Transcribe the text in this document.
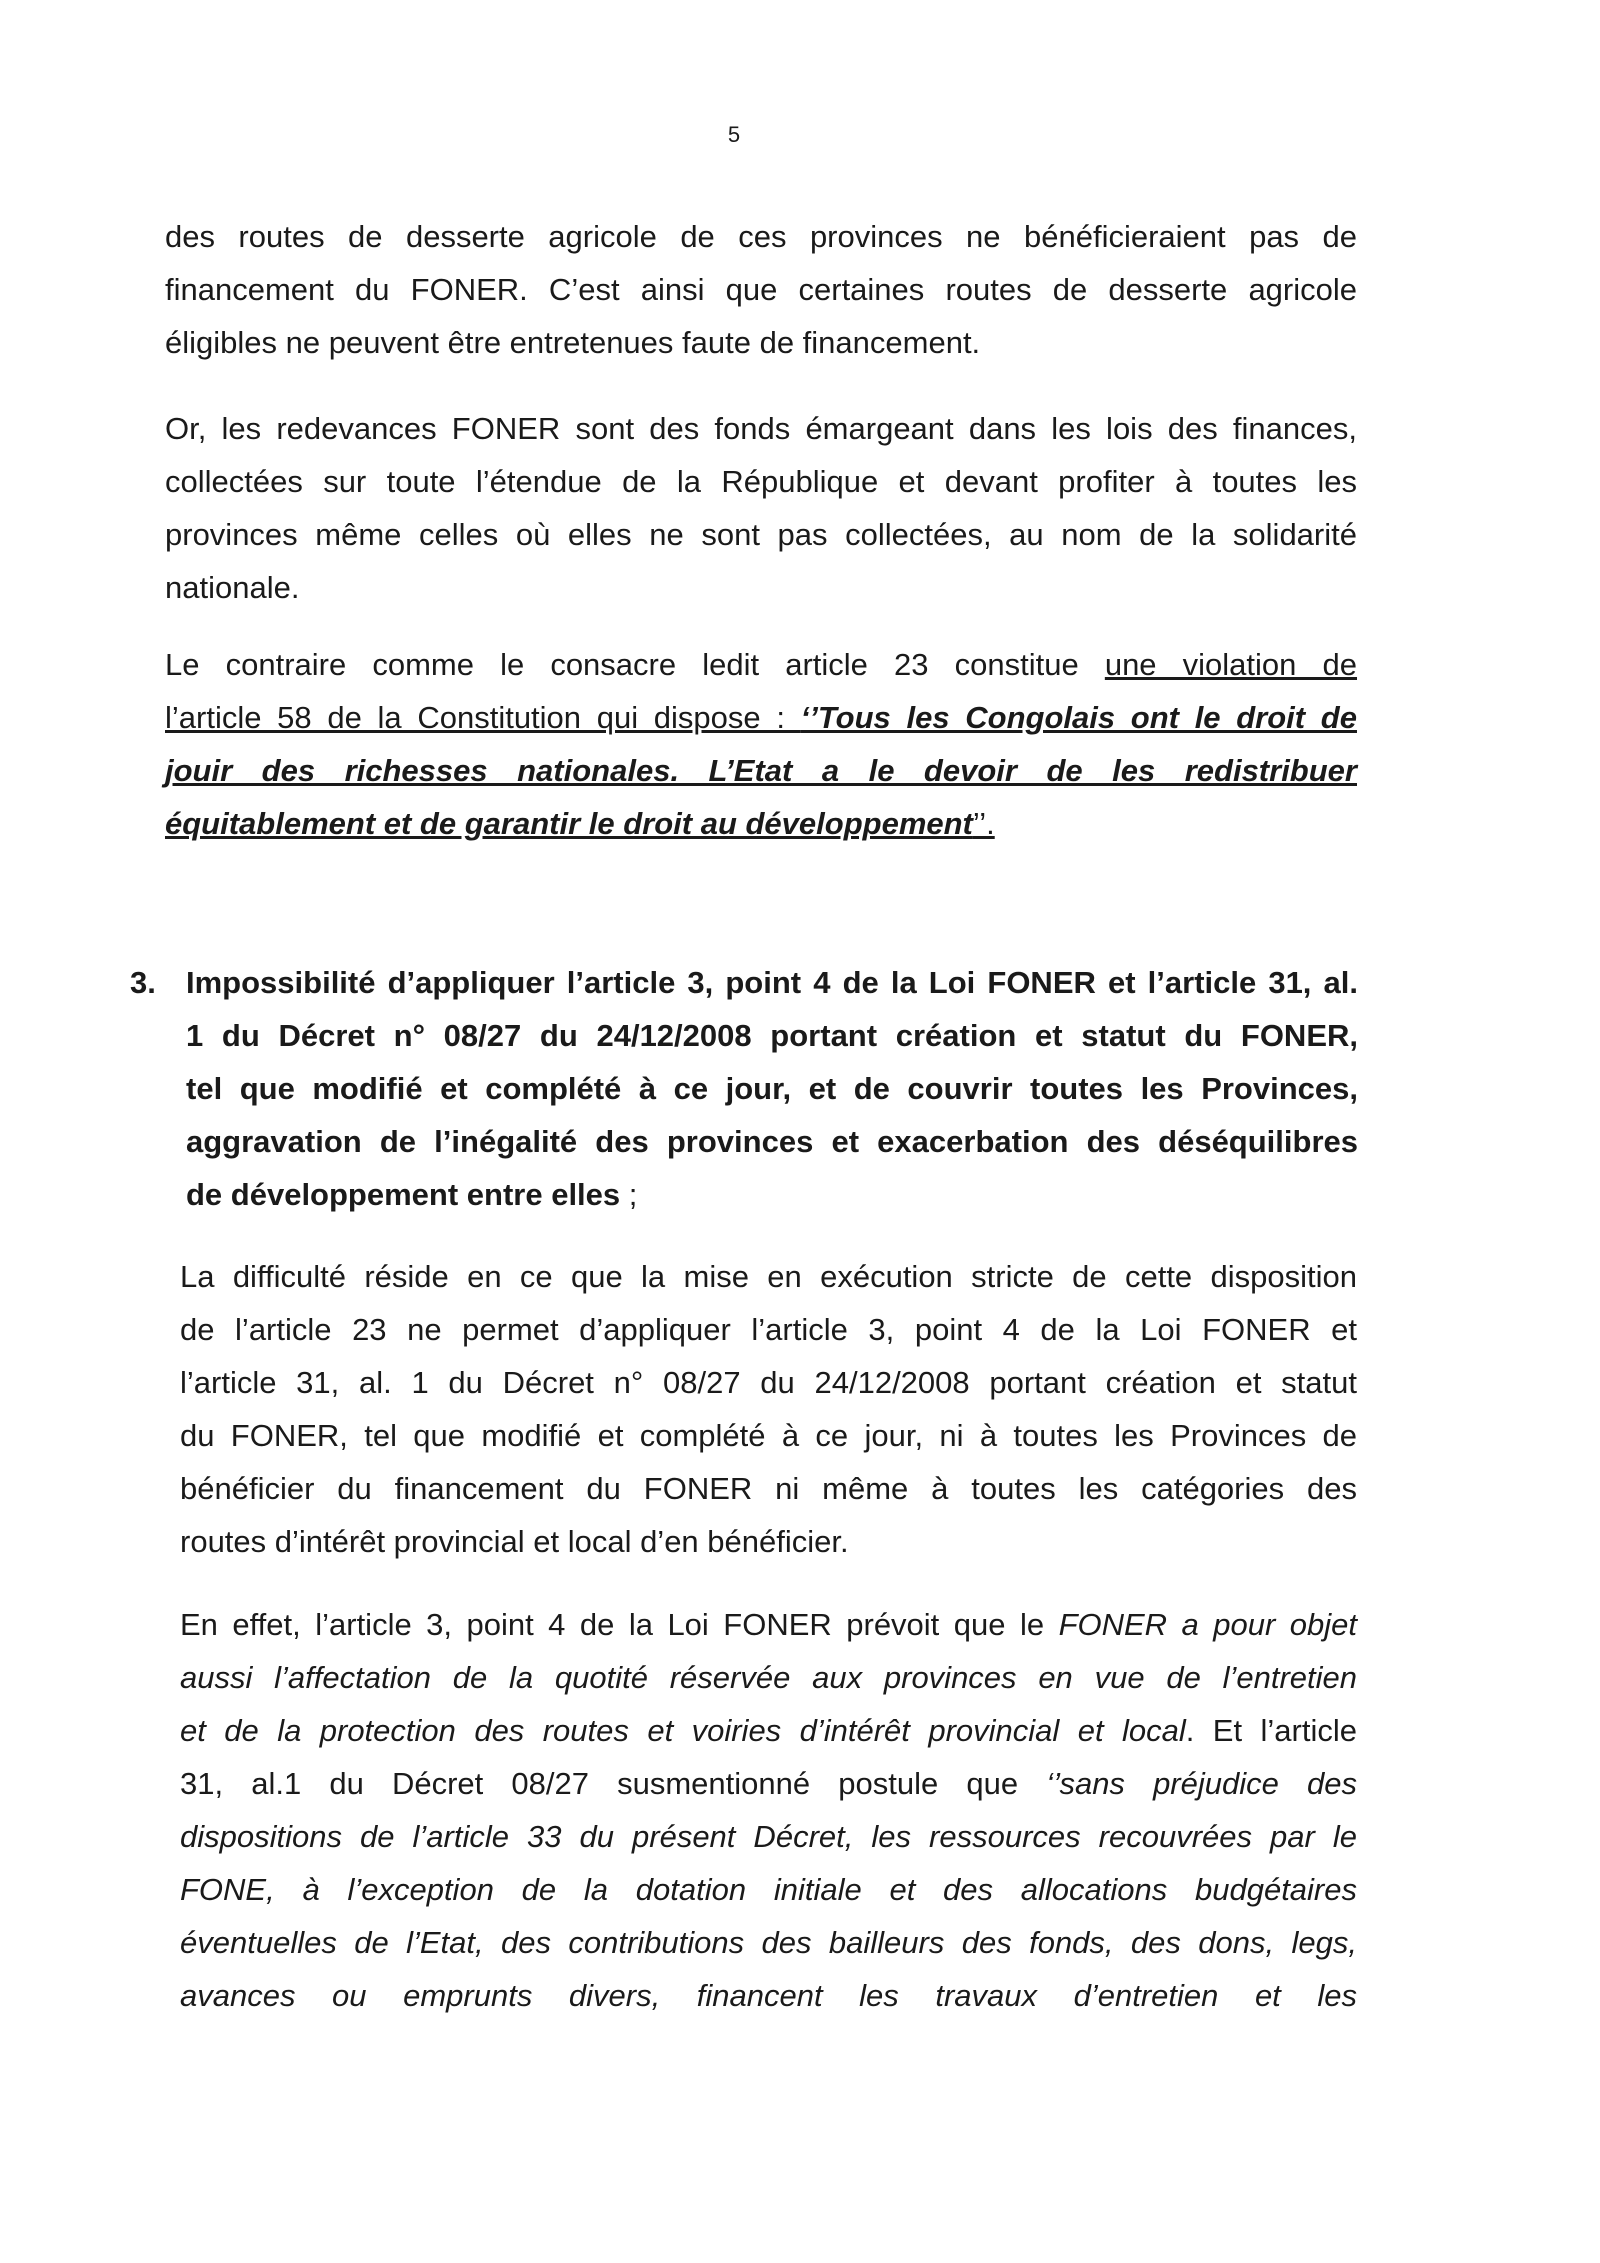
5
des routes de desserte agricole de ces provinces ne bénéficieraient pas de
financement du FONER. C’est ainsi que certaines routes de desserte agricole
éligibles ne peuvent être entretenues faute de financement.
Or, les redevances FONER sont des fonds émargeant dans les lois des finances,
collectées sur toute l’étendue de la République et devant profiter à toutes les
provinces même celles où elles ne sont pas collectées, au nom de la solidarité
nationale.
Le contraire comme le consacre ledit article 23 constitue une violation de
l’article 58 de la Constitution qui dispose : ‘’Tous les Congolais ont le droit de
jouir des richesses nationales. L’Etat a le devoir de les redistribuer
équitablement et de garantir le droit au développement’’.
3. Impossibilité d’appliquer l’article 3, point 4 de la Loi FONER et l’article 31, al.
1 du Décret n° 08/27 du 24/12/2008 portant création et statut du FONER,
tel que modifié et complété à ce jour, et de couvrir toutes les Provinces,
aggravation de l’inégalité des provinces et exacerbation des déséquilibres
de développement entre elles ;
La difficulté réside en ce que la mise en exécution stricte de cette disposition
de l’article 23 ne permet d’appliquer l’article 3, point 4 de la Loi FONER et
l’article 31, al. 1 du Décret n° 08/27 du 24/12/2008 portant création et statut
du FONER, tel que modifié et complété à ce jour, ni à toutes les Provinces de
bénéficier du financement du FONER ni même à toutes les catégories des
routes d’intérêt provincial et local d’en bénéficier.
En effet, l’article 3, point 4 de la Loi FONER prévoit que le FONER a pour objet
aussi l’affectation de la quotité réservée aux provinces en vue de l’entretien
et de la protection des routes et voiries d’intérêt provincial et local. Et l’article
31, al.1 du Décret 08/27 susmentionné postule que ‘’sans préjudice des
dispositions de l’article 33 du présent Décret, les ressources recouvrées par le
FONE, à l’exception de la dotation initiale et des allocations budgétaires
éventuelles de l’Etat, des contributions des bailleurs des fonds, des dons, legs,
avances ou emprunts divers, financent les travaux d’entretien et les
